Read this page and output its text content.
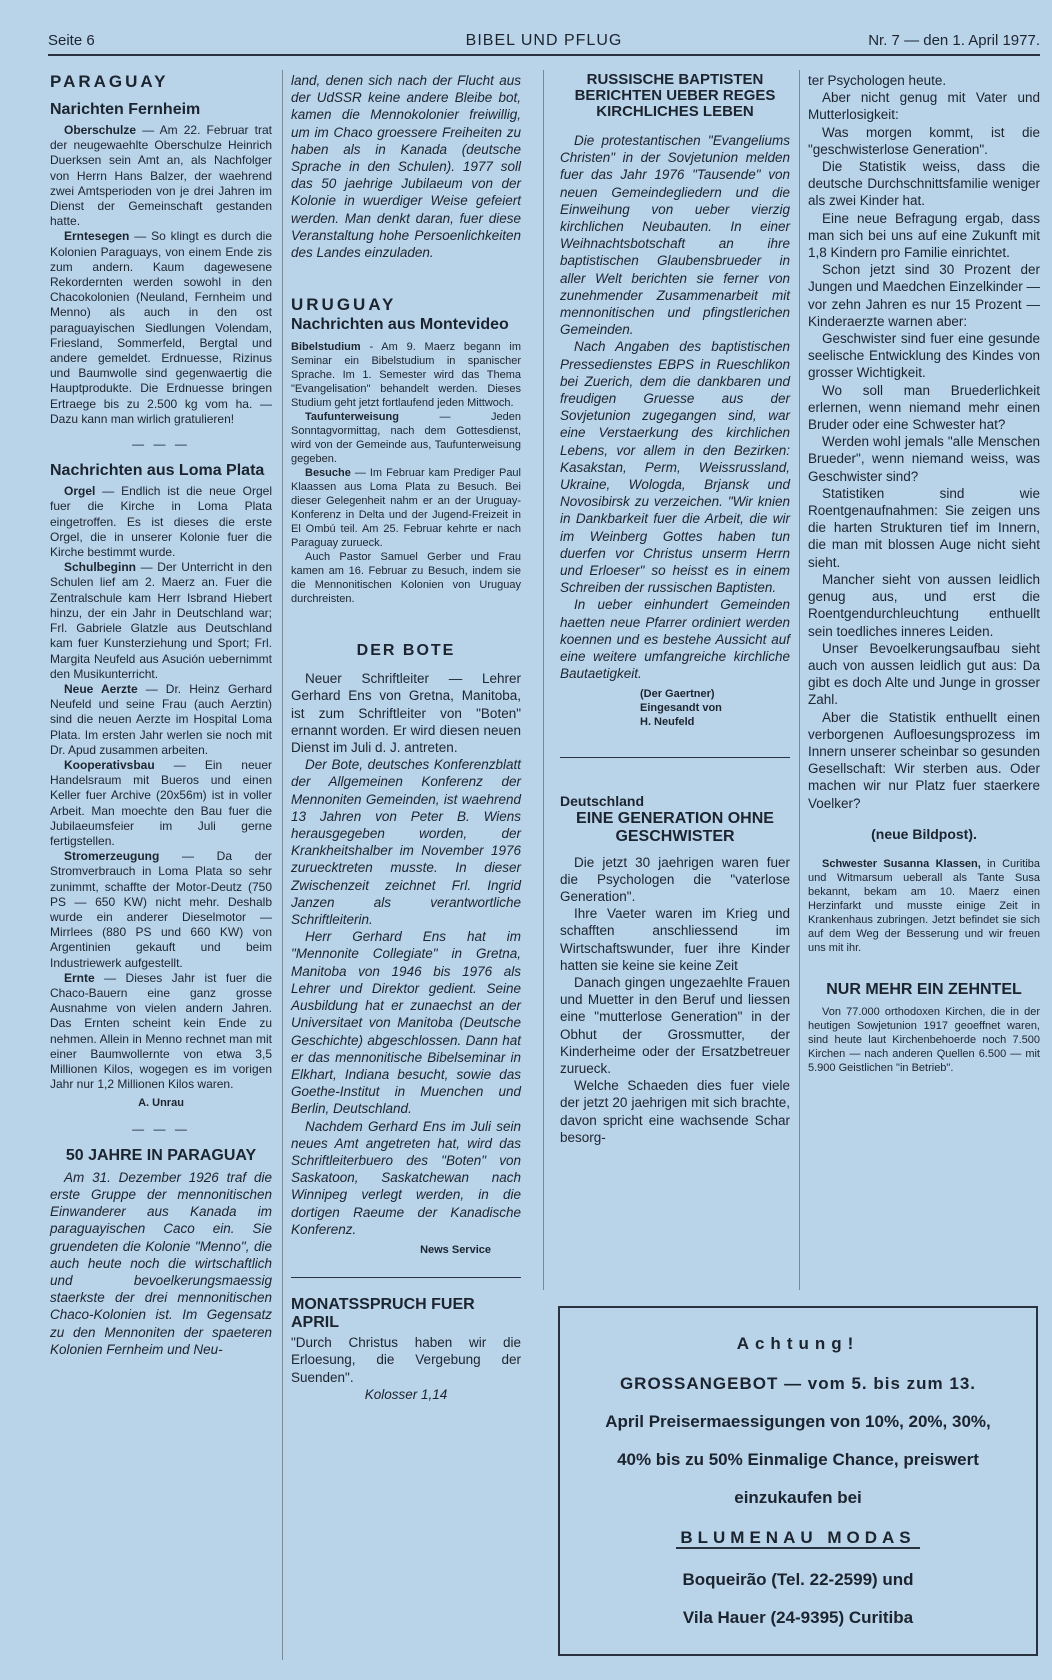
Seite 6	BIBEL UND PFLUG	Nr. 7 — den 1. April 1977.
PARAGUAY
Narichten Fernheim

Oberschulze — Am 22. Februar trat der neugewaehlte Oberschulze Heinrich Duerksen sein Amt an, als Nachfolger von Herrn Hans Balzer, der waehrend zwei Amtsperioden von je drei Jahren im Dienst der Gemeinschaft gestanden hatte.

Erntesegen — So klingt es durch die Kolonien Paraguays, von einem Ende zis zum andern. Kaum dagewesene Rekordernten werden sowohl in den Chacokolonien (Neuland, Fernheim und Menno) als auch in den ost paraguayischen Siedlungen Volendam, Friesland, Sommerfeld, Bergtal und andere gemeldet. Erdnuesse, Rizinus und Baumwolle sind gegenwaertig die Hauptprodukte. Die Erdnuesse bringen Ertraege bis zu 2.500 kg vom ha. — Dazu kann man wirlich gratulieren!

— — —
Nachrichten aus Loma Plata

Orgel — Endlich ist die neue Orgel fuer die Kirche in Loma Plata eingetroffen. Es ist dieses die erste Orgel, die in unserer Kolonie fuer die Kirche bestimmt wurde.

Schulbeginn — Der Unterricht in den Schulen lief am 2. Maerz an. Fuer die Zentralschule kam Herr Isbrand Hiebert hinzu, der ein Jahr in Deutschland war; Frl. Gabriele Glatzle aus Deutschland kam fuer Kunsterziehung und Sport; Frl. Margita Neufeld aus Asución uebernimmt den Musikunterricht.

Neue Aerzte — Dr. Heinz Gerhard Neufeld und seine Frau (auch Aerztin) sind die neuen Aerzte im Hospital Loma Plata. Im ersten Jahr werlen sie noch mit Dr. Apud zusammen arbeiten.

Kooperativsbau — Ein neuer Handelsraum mit Bueros und einen Keller fuer Archive (20x56m) ist in voller Arbeit. Man moechte den Bau fuer die Jubilaeumsfeier im Juli gerne fertigstellen.

Stromerzeugung — Da der Stromverbrauch in Loma Plata so sehr zunimmt, schaffte der Motor-Deutz (750 PS — 650 KW) nicht mehr. Deshalb wurde ein anderer Dieselmotor — Mirrlees (880 PS und 660 KW) von Argentinien gekauft und beim Industriewerk aufgestellt.

Ernte — Dieses Jahr ist fuer die Chaco-Bauern eine ganz grosse Ausnahme von vielen andern Jahren. Das Ernten scheint kein Ende zu nehmen. Allein in Menno rechnet man mit einer Baumwollernte von etwa 3,5 Millionen Kilos, wogegen es im vorigen Jahr nur 1,2 Millionen Kilos waren.

A. Unrau
— — —
50 JAHRE IN PARAGUAY

Am 31. Dezember 1926 traf die erste Gruppe der mennonitischen Einwanderer aus Kanada im paraguayischen Caco ein. Sie gruendeten die Kolonie "Menno", die auch heute noch die wirtschaftlich und bevoelkerungsmaessig staerkste der drei mennonitischen Chaco-Kolonien ist. Im Gegensatz zu den Mennoniten der spaeteren Kolonien Fernheim und Neu-

land, denen sich nach der Flucht aus der UdSSR keine andere Bleibe bot, kamen die Mennokolonier freiwillig, um im Chaco groessere Freiheiten zu haben als in Kanada (deutsche Sprache in den Schulen). 1977 soll das 50 jaehrige Jubilaeum von der Kolonie in wuerdiger Weise gefeiert werden. Man denkt daran, fuer diese Veranstaltung hohe Persoenlichkeiten des Landes einzuladen.

URUGUAY
Nachrichten aus Montevideo

Bibelstudium - Am 9. Maerz begann im Seminar ein Bibelstudium in spanischer Sprache. Im 1. Semester wird das Thema "Evangelisation" behandelt werden. Dieses Studium geht jetzt fortlaufend jeden Mittwoch.

Taufunterweisung — Jeden Sonntagvormittag, nach dem Gottesdienst, wird von der Gemeinde aus, Taufunterweisung gegeben.

Besuche — Im Februar kam Prediger Paul Klaassen aus Loma Plata zu Besuch. Bei dieser Gelegenheit nahm er an der Uruguay-Konferenz in Delta und der Jugend-Freizeit in El Ombú teil. Am 25. Februar kehrte er nach Paraguay zurueck.

Auch Pastor Samuel Gerber und Frau kamen am 16. Februar zu Besuch, indem sie die Mennonitischen Kolonien von Uruguay durchreisten.

DER BOTE

Neuer Schriftleiter — Lehrer Gerhard Ens von Gretna, Manitoba, ist zum Schriftleiter von "Boten" ernannt worden. Er wird diesen neuen Dienst im Juli d. J. antreten.

Der Bote, deutsches Konferenzblatt der Allgemeinen Konferenz der Mennoniten Gemeinden, ist waehrend 13 Jahren von Peter B. Wiens herausgegeben worden, der Krankheitshalber im November 1976 zuruecktreten musste. In dieser Zwischenzeit zeichnet Frl. Ingrid Janzen als verantwortliche Schriftleiterin.

Herr Gerhard Ens hat im "Mennonite Collegiate" in Gretna, Manitoba von 1946 bis 1976 als Lehrer und Direktor gedient. Seine Ausbildung hat er zunaechst an der Universitaet von Manitoba (Deutsche Geschichte) abgeschlossen. Dann hat er das mennonitische Bibelseminar in Elkhart, Indiana besucht, sowie das Goethe-Institut in Muenchen und Berlin, Deutschland.

Nachdem Gerhard Ens im Juli sein neues Amt angetreten hat, wird das Schriftleiterbuero des "Boten" von Saskatoon, Saskatchewan nach Winnipeg verlegt werden, in die dortigen Raeume der Kanadische Konferenz.

News Service
MONATSSPRUCH FUER APRIL

"Durch Christus haben wir die Erloesung, die Vergebung der Suenden".

Kolosser 1,14

RUSSISCHE BAPTISTEN BERICHTEN UEBER REGES KIRCHLICHES LEBEN

Die protestantischen "Evangeliums Christen" in der Sovjetunion melden fuer das Jahr 1976 "Tausende" von neuen Gemeindegliedern und die Einweihung von ueber vierzig kirchlichen Neubauten. In einer Weihnachtsbotschaft an ihre baptistischen Glaubensbrueder in aller Welt berichten sie ferner von zunehmender Zusammenarbeit mit mennonitischen und pfingstlerichen Gemeinden.

Nach Angaben des baptistischen Pressedienstes EBPS in Rueschlikon bei Zuerich, dem die dankbaren und freudigen Gruesse aus der Sovjetunion zugegangen sind, war eine Verstaerkung des kirchlichen Lebens, vor allem in den Bezirken: Kasakstan, Perm, Weissrussland, Ukraine, Wologda, Brjansk und Novosibirsk zu verzeichen. "Wir knien in Dankbarkeit fuer die Arbeit, die wir im Weinberg Gottes haben tun duerfen vor Christus unserm Herrn und Erloeser" so heisst es in einem Schreiben der russischen Baptisten.

In ueber einhundert Gemeinden haetten neue Pfarrer ordiniert werden koennen und es bestehe Aussicht auf eine weitere umfangreiche kirchliche Bautaetigkeit.

(Der Gaertner)
Eingesandt von
H. Neufeld
Deutschland
EINE GENERATION OHNE GESCHWISTER

Die jetzt 30 jaehrigen waren fuer die Psychologen die "vaterlose Generation".

Ihre Vaeter waren im Krieg und schafften anschliessend im Wirtschaftswunder, fuer ihre Kinder hatten sie keine sie keine Zeit

Danach gingen ungezaehlte Frauen und Muetter in den Beruf und liessen eine "mutterlose Generation" in der Obhut der Grossmutter, der Kinderheime oder der Ersatzbetreuer zurueck.

Welche Schaeden dies fuer viele der jetzt 20 jaehrigen mit sich brachte, davon spricht eine wachsende Schar besorg-

ter Psychologen heute.

Aber nicht genug mit Vater und Mutterlosigkeit:

Was morgen kommt, ist die "geschwisterlose Generation".

Die Statistik weiss, dass die deutsche Durchschnittsfamilie weniger als zwei Kinder hat.

Eine neue Befragung ergab, dass man sich bei uns auf eine Zukunft mit 1,8 Kindern pro Familie einrichtet.

Schon jetzt sind 30 Prozent der Jungen und Maedchen Einzelkinder — vor zehn Jahren es nur 15 Prozent — Kinderaerzte warnen aber:

Geschwister sind fuer eine gesunde seelische Entwicklung des Kindes von grosser Wichtigkeit.

Wo soll man Bruederlichkeit erlernen, wenn niemand mehr einen Bruder oder eine Schwester hat?

Werden wohl jemals "alle Menschen Brueder", wenn niemand weiss, was Geschwister sind?

Statistiken sind wie Roentgenaufnahmen: Sie zeigen uns die harten Strukturen tief im Innern, die man mit blossen Auge nicht sieht sieht.

Mancher sieht von aussen leidlich genug aus, und erst die Roentgendurchleuchtung enthuellt sein toedliches inneres Leiden.

Unser Bevoelkerungsaufbau sieht auch von aussen leidlich gut aus: Da gibt es doch Alte und Junge in grosser Zahl.

Aber die Statistik enthuellt einen verborgenen Aufloesungsprozess im Innern unserer scheinbar so gesunden Gesellschaft: Wir sterben aus. Oder machen wir nur Platz fuer staerkere Voelker?

(neue Bildpost).

Schwester Susanna Klassen, in Curitiba und Witmarsum ueberall als Tante Susa bekannt, bekam am 10. Maerz einen Herzinfarkt und musste einige Zeit in Krankenhaus zubringen. Jetzt befindet sie sich auf dem Weg der Besserung und wir freuen uns mit ihr.

NUR MEHR EIN ZEHNTEL

Von 77.000 orthodoxen Kirchen, die in der heutigen Sowjetunion 1917 geoeffnet waren, sind heute laut Kirchenbehoerde noch 7.500 Kirchen — nach anderen Quellen 6.500 — mit 5.900 Geistlichen "in Betrieb".

Achtung!
GROSSANGEBOT — vom 5. bis zum 13.
April Preisermaessigungen von 10%, 20%, 30%,
40% bis zu 50% Einmalige Chance, preiswert
einzukaufen bei
BLUMENAU MODAS
Boqueirão (Tel. 22-2599) und
Vila Hauer (24-9395) Curitiba
